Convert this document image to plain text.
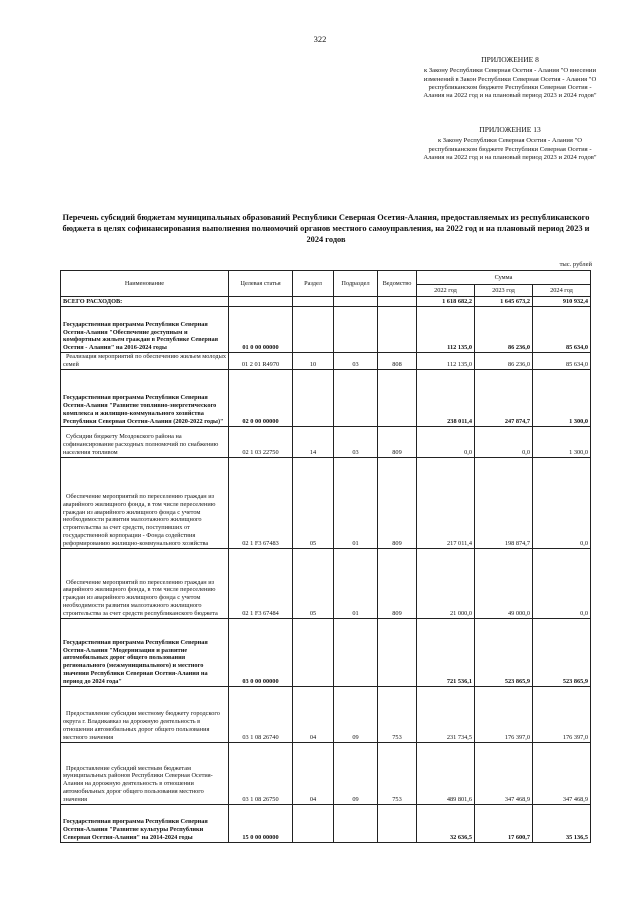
322
ПРИЛОЖЕНИЕ 8
к Закону Республики Северная Осетия - Алания "О внесении изменений в Закон Республики Северная Осетия - Алания "О республиканском бюджете Республики Северная Осетия - Алания на 2022 год и на плановый период 2023 и 2024 годов"
ПРИЛОЖЕНИЕ 13
к Закону Республики Северная Осетия - Алания "О республиканском бюджете Республики Северная Осетия - Алания на 2022 год и на плановый период 2023 и 2024 годов"
Перечень субсидий бюджетам муниципальных образований Республики Северная Осетия-Алания, предоставляемых из республиканского бюджета в целях софинансирования выполнения полномочий органов местного самоуправления, на 2022 год и на плановый период 2023 и 2024 годов
тыс. рублей
Наименование	Целевая статья	Раздел	Подраздел	Ведомство	Сумма		
					2022 год	2023 год	2024 год
ВСЕГО РАСХОДОВ:					1 618 682,2	1 645 673,2	910 932,4
Государственная программа Республики Северная Осетия-Алания "Обеспечение доступным и комфортным жильем граждан в Республике Северная Осетия - Алания" на 2016-2024 годы	01 0 00 00000				112 135,0	86 236,0	85 634,0
Реализация мероприятий по обеспечению жильем молодых семей	01 2 01 R4970	10	03	808	112 135,0	86 236,0	85 634,0
Государственная программа Республики Северная Осетия-Алания "Развитие топливно-энергетического комплекса и жилищно-коммунального хозяйства Республики Северная Осетия-Алания (2020-2022 годы)"	02 0 00 00000				238 011,4	247 874,7	1 300,0
Субсидии бюджету Моздокского района на софинансирование расходных полномочий по снабжению населения топливом	02 1 03 22750	14	03	809	0,0	0,0	1 300,0
Обеспечение мероприятий по переселению граждан из аварийного жилищного фонда, в том числе переселению граждан из аварийного жилищного фонда с учетом необходимости развития малоэтажного жилищного строительства за счет средств, поступивших от государственной корпорации - Фонда содействия реформированию жилищно-коммунального хозяйства	02 1 F3 67483	05	01	809	217 011,4	198 874,7	0,0
Обеспечение мероприятий по переселению граждан из аварийного жилищного фонда, в том числе переселению граждан из аварийного жилищного фонда с учетом необходимости развития малоэтажного жилищного строительства за счет средств республиканского бюджета	02 1 F3 67484	05	01	809	21 000,0	49 000,0	0,0
Государственная программа Республики Северная Осетия-Алания "Модернизация и развитие автомобильных дорог общего пользования регионального (межмуниципального) и местного значения Республики Северная Осетия-Алания на период до 2024 года"	03 0 00 00000				721 536,1	523 865,9	523 865,9
Предоставление субсидии местному бюджету городского округа г. Владикавказ на дорожную деятельность в отношении автомобильных дорог общего пользования местного значения	03 1 08 26740	04	09	753	231 734,5	176 397,0	176 397,0
Предоставление субсидий местным бюджетам муниципальных районов Республики Северная Осетия-Алания на дорожную деятельность в отношении автомобильных дорог общего пользования местного значения	03 1 08 26750	04	09	753	489 801,6	347 468,9	347 468,9
Государственная программа Республики Северная Осетия-Алания "Развитие культуры Республики Северная Осетия-Алания" на 2014-2024 годы	15 0 00 00000				32 636,5	17 600,7	35 136,5
